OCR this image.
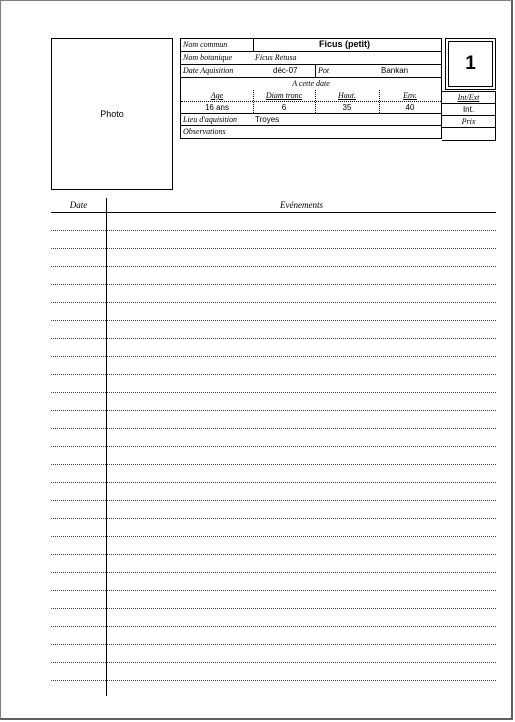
Photo
Nom commun	Ficus (petit)
Nom botanique	Ficus Retusa
Date Aquisition	déc-07	Pot	Bankan
A cette date
Age	Diam tronc	Haut.	Env.
16 ans	6	35	40
Lieu d'aquisition Troyes
Observations
1
Int/Ext
Int.
Prix
Date	Evénements
